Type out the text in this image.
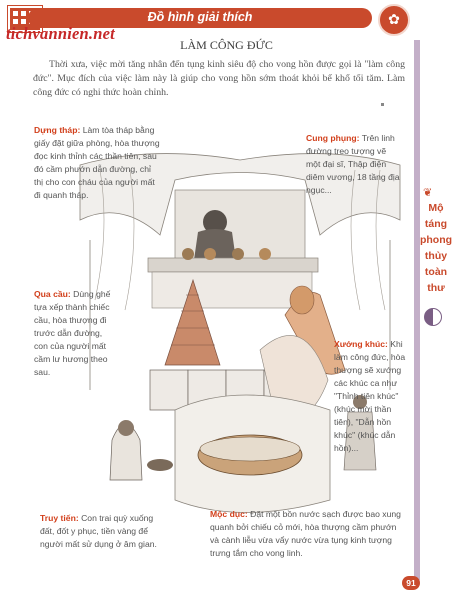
Đồ hình giải thích
tichvannien.net
✿
❦
Mộ
táng
phong
thủy
toàn
thư
LÀM CÔNG ĐỨC

Thời xưa, việc mời tăng nhân đến tụng kinh siêu độ cho vong hồn được gọi là "làm công đức". Mục đích của việc làm này là giúp cho vong hồn sớm thoát khỏi bể khổ tối tăm. Làm công đức có nghi thức hoàn chỉnh.

Dựng tháp: Làm tòa tháp bằng giấy đặt giữa phòng, hòa thượng đọc kinh thỉnh các thần tiên, sau đó cầm phướn dẫn đường, chỉ thị cho con cháu của người mất đi quanh tháp.

Cung phụng: Trên linh đường treo tượng vẽ một đại sĩ, Thập điện diêm vương, 18 tầng địa ngục...

Qua cầu: Dùng ghế tựa xếp thành chiếc cầu, hòa thượng đi trước dẫn đường, con của người mất cầm lư hương theo sau.

Xướng khúc: Khi làm công đức, hòa thượng sẽ xướng các khúc ca như "Thỉnh tiên khúc" (khúc mời thần tiên), "Dẫn hồn khúc" (khúc dẫn hồn)...

Truy tiến: Con trai quỳ xuống đất, đốt y phục, tiền vàng để người mất sử dụng ở âm gian.

Mộc dục: Đặt một bồn nước sạch được bao xung quanh bởi chiếu cỏ mới, hòa thượng cầm phướn và cành liễu vừa vẩy nước vừa tụng kinh tượng trưng tắm cho vong linh.

91
